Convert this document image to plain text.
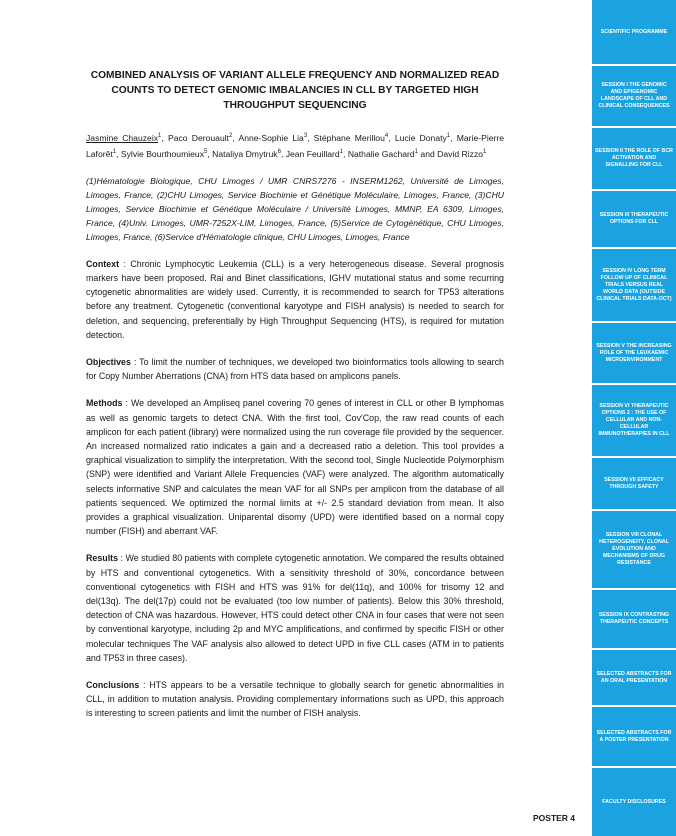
COMBINED ANALYSIS OF VARIANT ALLELE FREQUENCY AND NORMALIZED READ COUNTS TO DETECT GENOMIC IMBALANCIES IN CLL BY TARGETED HIGH THROUGHPUT SEQUENCING
Jasmine Chauzeix$^1$, Paco Derouault$^2$, Anne-Sophie Lia$^3$, Stéphane Merillou$^4$, Lucie Donaty$^1$, Marie-Pierre Laforêt$^1$, Sylvie Bourthoumieux$^5$, Nataliya Dmytruk$^6$, Jean Feuillard$^1$, Nathalie Gachard$^1$ and David Rizzo$^1$
(1)Hématologie Biologique, CHU Limoges / UMR CNRS7276 - INSERM1262, Université de Limoges, Limoges, France, (2)CHU Limoges, Service Biochimie et Génétique Moléculaire, Limoges, France, (3)CHU Limoges, Service Biochimie et Génétique Moléculaire / Université Limoges, MMNP, EA 6309, Limoges, France, (4)Univ. Limoges, UMR-7252X-LIM, Limoges, France, (5)Service de Cytogénétique, CHU Limoges, Limoges, France, (6)Service d'Hématologie clinique, CHU Limoges, Limoges, France
Context : Chronic Lymphocytic Leukemia (CLL) is a very heterogeneous disease. Several prognosis markers have been proposed. Rai and Binet classifications, IGHV mutational status and some recurring cytogenetic abnormalities are widely used. Currently, it is recommended to search for TP53 alterations before any treatment. Cytogenetic (conventional karyotype and FISH analysis) is needed to search for deletion, and sequencing, preferentially by High Throughput Sequencing (HTS), is required for mutation detection.
Objectives : To limit the number of techniques, we developed two bioinformatics tools allowing to search for Copy Number Aberrations (CNA) from HTS data based on amplicons panels.
Methods : We developed an Ampliseq panel covering 70 genes of interest in CLL or other B lymphomas as well as genomic targets to detect CNA. With the first tool, Cov'Cop, the raw read counts of each amplicon for each patient (library) were normalized using the run coverage file provided by the sequencer. An increased normalized ratio indicates a gain and a decreased ratio a deletion. This tool provides a graphical visualization to simplify the interpretation. With the second tool, Single Nucleotide Polymorphism (SNP) were identified and Variant Allele Frequencies (VAF) were analyzed. The algorithm automatically selects informative SNP and calculates the mean VAF for all SNPs per amplicon from the database of all patients sequenced. We optimized the normal limits at +/- 2.5 standard deviation from mean. It also provides a graphical visualization. Uniparental disomy (UPD) were identified based on a normal copy number (FISH) and aberrant VAF.
Results : We studied 80 patients with complete cytogenetic annotation. We compared the results obtained by HTS and conventional cytogenetics. With a sensitivity threshold of 30%, concordance between conventional cytogenetics with FISH and HTS was 91% for del(11q), and 100% for trisomy 12 and del(13q). The del(17p) could not be evaluated (too low number of patients). Below this 30% threshold, detection of CNA was hazardous. However, HTS could detect other CNA in four cases that were not seen by conventional karyotype, including 2p and MYC amplifications, and confirmed by specific FISH or other molecular techniques The VAF analysis also allowed to detect UPD in five CLL cases (ATM in to patients and TP53 in three cases).
Conclusions : HTS appears to be a versatile technique to globally search for genetic abnormalities in CLL, in addition to mutation analysis. Providing complementary informations such as UPD, this approach is interesting to screen patients and limit the number of FISH analysis.
POSTER 4
SCIENTIFIC PROGRAMME
SESSION I THE GENOMIC AND EPIGENOMIC LANDSCAPE OF CLL AND CLINICAL CONSEQUENCES
SESSION II THE ROLE OF BCR ACTIVATION AND SIGNALLING FOR CLL
SESSION III THERAPEUTIC OPTIONS FOR CLL
SESSION IV LONG TERM FOLLOW UP OF CLINICAL TRIALS VERSUS REAL WORLD DATA (OUTSIDE CLINICAL TRIALS DATA-OCT)
SESSION V THE INCREASING ROLE OF THE LEUKAEMIC MICROENVIRONMENT
SESSION VI THERAPEUTIC OPTIONS 2 : THE USE OF CELLULAR AND NON-CELLULAR IMMUNOTHERAPIES IN CLL
SESSION VII EFFICACY THROUGH SAFETY
SESSION VIII CLONAL HETEROGENEITY, CLONAL EVOLUTION AND MECHANISMS OF DRUG RESISTANCE
SESSION IX CONTRASTING THERAPEUTIC CONCEPTS
SELECTED ABSTRACTS FOR AN ORAL PRESENTATION
SELECTED ABSTRACTS FOR A POSTER PRESENTATION
FACULTY DISCLOSURES
